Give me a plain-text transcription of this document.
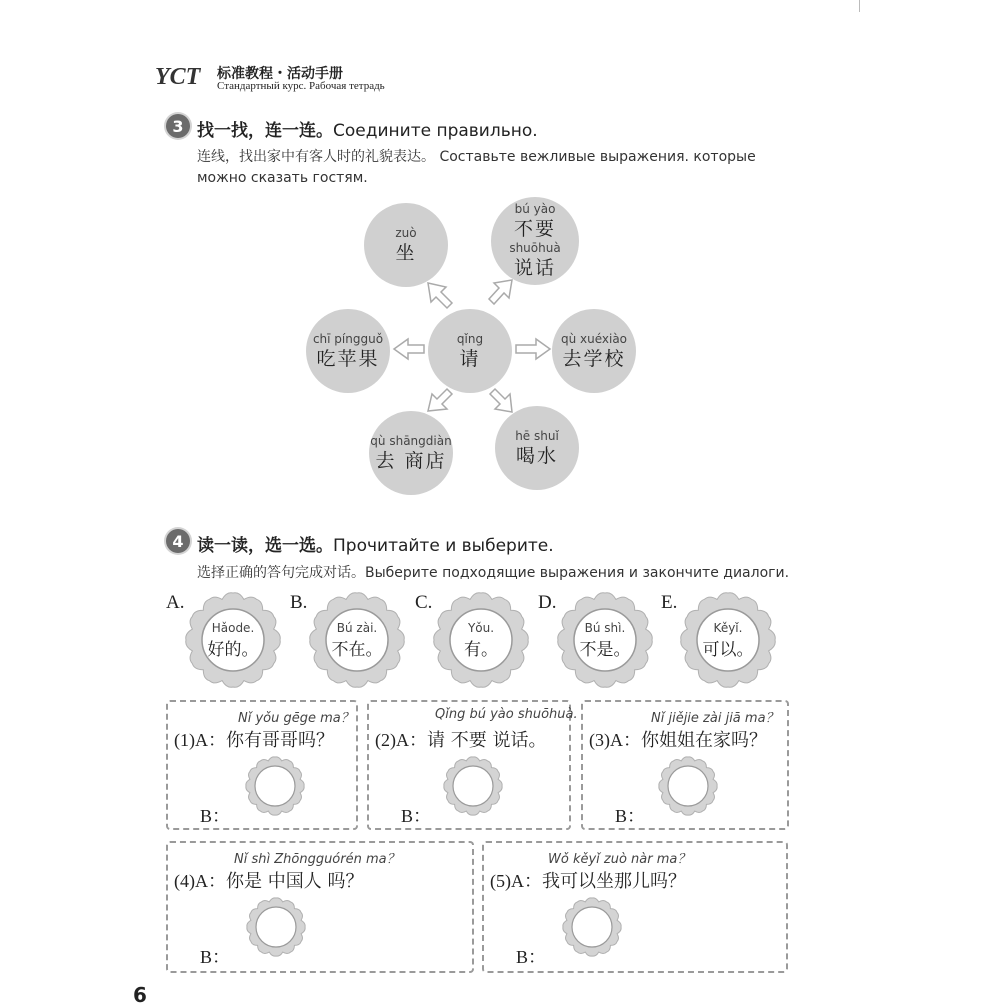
YCT 标准教程・活动手册
Стандартный курс. Рабочая тетрадь
3 找一找，连一连。Соедините правильно.
连线，找出家中有客人时的礼貌表达。 Составьте вежливые выражения. которые
можно сказать гостям.
qǐng
请
zuò
坐
bú yào
不要
shuōhuà
说话
chī píngguǒ
吃苹果
qù xuéxiào
去学校
qù shāngdiàn
去 商店
hē shuǐ
喝水
4 读一读，选一选。Прочитайте и выберите.
选择正确的答句完成对话。Выберите подходящие выражения и закончите диалоги.
A.	B.	C.	D.	E.
Hǎode.
好的。
Bú zài.
不在。
Yǒu.
有。
Bú shì.
不是。
Kěyǐ.
可以。
Nǐ yǒu gēge ma？
(1)A：你有哥哥吗？
B：
Qǐng bú yào shuōhuà.
(2)A：请 不要 说话。
B：
Nǐ jiějie zài jiā ma？
(3)A：你姐姐在家吗？
B：
Nǐ shì Zhōngguórén ma？
(4)A：你是 中国人 吗？
B：
Wǒ kěyǐ zuò nàr ma？
(5)A：我可以坐那儿吗？
B：
6
